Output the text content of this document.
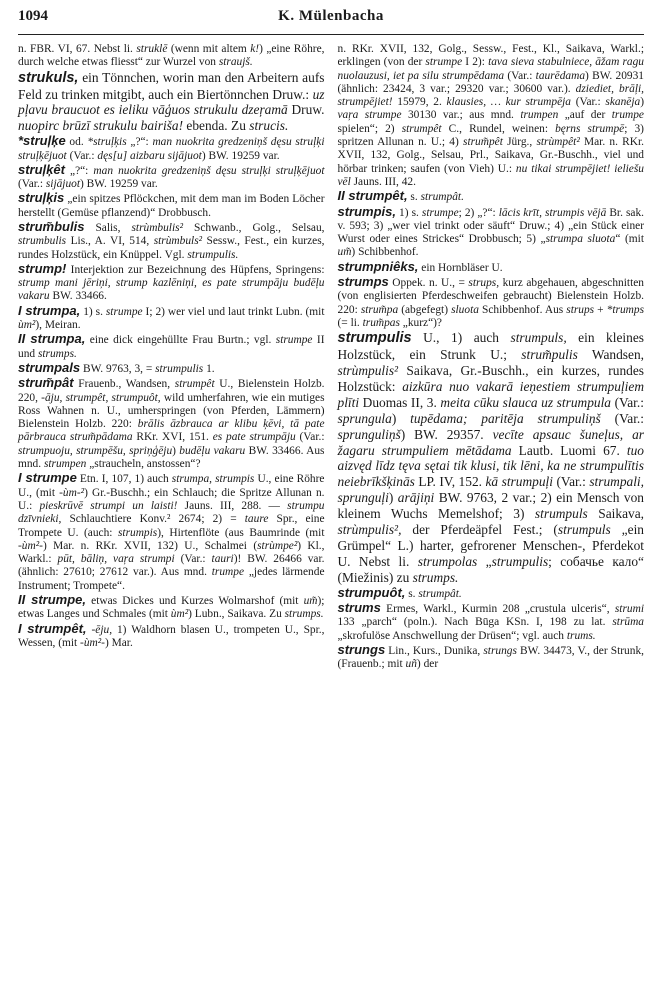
1094	K. Mülenbacha

n. FBR. VI, 67. Nebst li. struklē (wenn mit altem k!) „eine Röhre, durch welche etwas fliesst“ zur Wurzel von straujš.

strukuls, ein Tönnchen, worin man den Arbeitern aufs Feld zu trinken mitgibt, auch ein Biertönnchen Druw.: uz pļavu braucuot es ieliku vāģuos strukulu dzeŗamā Druw. nuopirc brūzī strukulu bairiša! ebenda. Zu strucis.

*struļķe od. *struļķis „?“: man nuokrita gredzeniņš dęsu struļķi struļķējuot (Var.: dęs[u] aizbaru sijājuot) BW. 19259 var.

struļķêt „?“: man nuokrita gredzeniņš dęsu struļķi struļķējuot (Var.: sijājuot) BW. 19259 var.

struļķis „ein spitzes Pflöckchen, mit dem man im Boden Löcher herstellt (Gemüse pflanzend)“ Drobbusch.

strum̃bulis Salis, strùmbulis² Schwanb., Golg., Selsau, strumbulis Lis., A. VI, 514, strùmbuls² Sessw., Fest., ein kurzes, rundes Holzstück, ein Knüppel. Vgl. strumpulis.

strump! Interjektion zur Bezeichnung des Hüpfens, Springens: strump mani jēriņi, strump kazlēniņi, es pate strumpāju budēļu vakaru BW. 33466.

I strumpa, 1) s. strumpe I; 2) wer viel und laut trinkt Lubn. (mit ùm²), Meiran.

II strumpa, eine dick eingehüllte Frau Burtn.; vgl. strumpe II und strumps.

strumpals BW. 9763, 3, = strumpulis 1.

strum̃pât Frauenb., Wandsen, strumpêt U., Bielenstein Holzb. 220, -āju, strumpêt, strumpuôt, wild umherfahren, wie ein mutiges Ross Wahnen n. U., umherspringen (von Pferden, Lämmern) Bielenstein Holzb. 220: brālis āzbrauca ar klibu ķēvi, tā pate pārbrauca strum̃pādama RKr. XVI, 151. es pate strumpāju (Var.: strumpuoju, strumpēšu, spriņģēju) budēļu vakaru BW. 33466. Aus mnd. strumpen „straucheln, anstossen“?

I strumpe Etn. I, 107, 1) auch strumpa, strumpis U., eine Röhre U., (mit -ùm-²) Gr.-Buschh.; ein Schlauch; die Spritze Allunan n. U.: pieskrūvē strumpi un laisti! Jauns. III, 288. — strumpu dzīvnieki, Schlauchtiere Konv.² 2674; 2) = taure Spr., eine Trompete U. (auch: strumpis), Hirtenflöte (aus Baumrinde (mit -ùm²-) Mar. n. RKr. XVII, 132) U., Schalmei (strùmpe²) Kl., Warkl.: pūt, bāliņ, vaŗa strumpi (Var.: tauri)! BW. 26466 var. (ähnlich: 27610; 27612 var.). Aus mnd. trumpe „jedes lärmende Instrument; Trompete“.

II strumpe, etwas Dickes und Kurzes Wolmarshof (mit um̃); etwas Langes und Schmales (mit ùm²) Lubn., Saikava. Zu strumps.

I strumpêt, -ēju, 1) Waldhorn blasen U., trompeten U., Spr., Wessen, (mit -ùm²-) Mar.

n. RKr. XVII, 132, Golg., Sessw., Fest., Kl., Saikava, Warkl.; erklingen (von der strumpe I 2): tava sieva stabulniece, āžam ragu nuolauzusi, iet pa silu strumpēdama (Var.: taurēdama) BW. 20931 (ähnlich: 23424, 3 var.; 29320 var.; 30600 var.). dziediet, brāļi, strumpējiet! 15979, 2. klausies, … kur strumpēja (Var.: skanēja) vaŗa strumpe 30130 var.; aus mnd. trumpen „auf der trumpe spielen“; 2) strumpêt C., Rundel, weinen: bęrns strumpē; 3) spritzen Allunan n. U.; 4) strum̃pêt Jürg., strùmpêt² Mar. n. RKr. XVII, 132, Golg., Selsau, Prl., Saikava, Gr.-Buschh., viel und hörbar trinken; saufen (von Vieh) U.: nu tikai strumpējiet! ieliešu vēl Jauns. III, 42.

II strumpêt, s. strumpât.

strumpis, 1) s. strumpe; 2) „?“: lācis krīt, strumpis vējā Br. sak. v. 593; 3) „wer viel trinkt oder säuft“ Druw.; 4) „ein Stück einer Wurst oder eines Strickes“ Drobbusch; 5) „strumpa sluota“ (mit um̃) Schibbenhof.

strumpniêks, ein Hornbläser U.

strumps Oppek. n. U., = strups, kurz abgehauen, abgeschnitten (von englisierten Pferdeschweifen gebraucht) Bielenstein Holzb. 220: strum̃pa (abgefegt) sluota Schibbenhof. Aus strups + *trumps (= li. trum̃pas „kurz“)?

strumpulis U., 1) auch strumpuls, ein kleines Holzstück, ein Strunk U.; strum̃pulis Wandsen, strùmpulis² Saikava, Gr.-Buschh., ein kurzes, rundes Holzstück: aizkūra nuo vakarā ieņestiem strumpuļiem plīti Duomas II, 3. meita cūku slauca uz strumpula (Var.: sprungula) tupēdama; paritēja strumpuliņš (Var.: sprunguliņš) BW. 29357. vecīte apsauc šuneļus, ar žagaru strumpuliem mētādama Lautb. Luomi 67. tuo aizvęd līdz tęva sętai tik klusi, tik lēni, ka ne strumpulītis neiebrīkšķinās LP. IV, 152. kā strumpuļi (Var.: strumpali, sprunguļi) arājiņi BW. 9763, 2 var.; 2) ein Mensch von kleinem Wuchs Memelshof; 3) strumpuls Saikava, strùmpulis², der Pferdeäpfel Fest.; (strumpuls „ein Grümpel“ L.) harter, gefrorener Menschen-, Pferdekot U. Nebst li. strumpolas „strumpulis; собачье кало“ (Miežinis) zu strumps.

strumpuôt, s. strumpât.

strums Ermes, Warkl., Kurmin 208 „crustula ulceris“, strumi 133 „parch“ (poln.). Nach Būga KSn. I, 198 zu lat. strūma „skrofulöse Anschwellung der Drüsen“; vgl. auch trums.

strungs Lin., Kurs., Dunika, strungs BW. 34473, V., der Strunk, (Frauenb.; mit uñ) der
